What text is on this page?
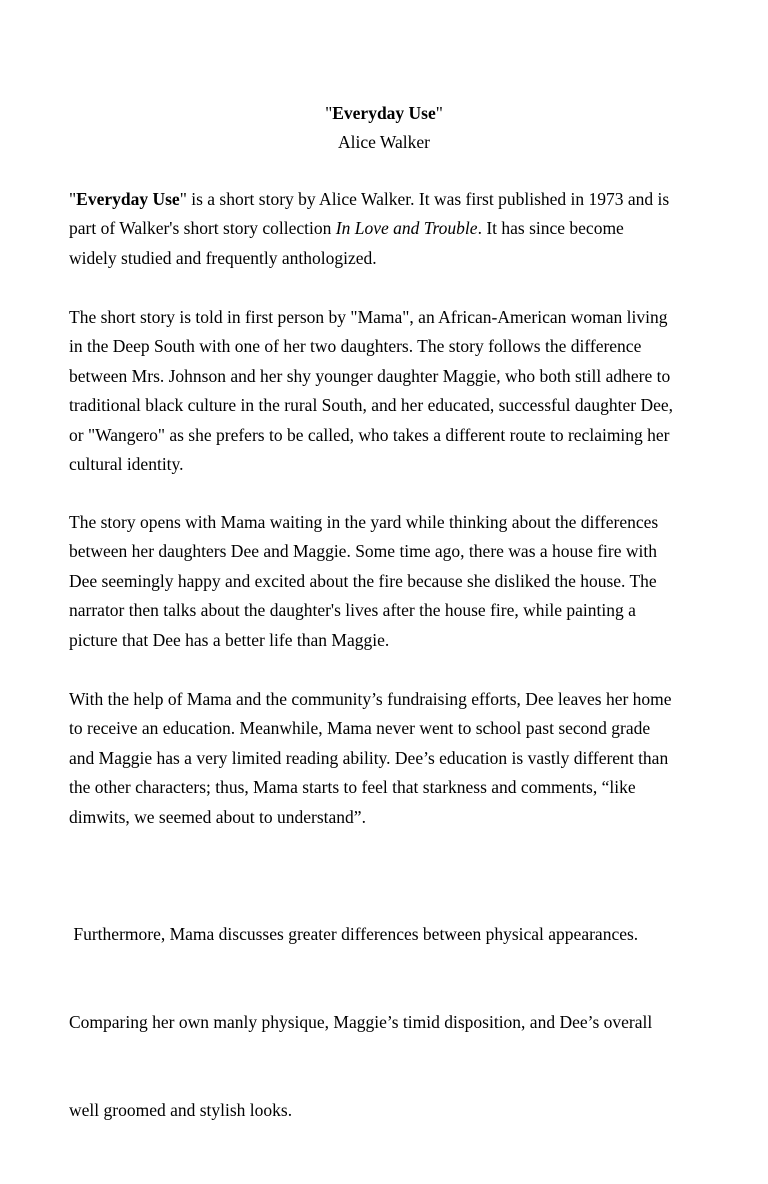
"Everyday Use"
Alice Walker

"Everyday Use" is a short story by Alice Walker. It was first published in 1973 and is
part of Walker's short story collection In Love and Trouble. It has since become
widely studied and frequently anthologized.

The short story is told in first person by "Mama", an African-American woman living
in the Deep South with one of her two daughters. The story follows the difference
between Mrs. Johnson and her shy younger daughter Maggie, who both still adhere to
traditional black culture in the rural South, and her educated, successful daughter Dee,
or "Wangero" as she prefers to be called, who takes a different route to reclaiming her
cultural identity.

The story opens with Mama waiting in the yard while thinking about the differences
between her daughters Dee and Maggie. Some time ago, there was a house fire with
Dee seemingly happy and excited about the fire because she disliked the house. The
narrator then talks about the daughter's lives after the house fire, while painting a
picture that Dee has a better life than Maggie.

With the help of Mama and the community’s fundraising efforts, Dee leaves her home
to receive an education. Meanwhile, Mama never went to school past second grade
and Maggie has a very limited reading ability. Dee’s education is vastly different than
the other characters; thus, Mama starts to feel that starkness and comments, “like
dimwits, we seemed about to understand”.

Furthermore, Mama discusses greater differences between physical appearances.

Comparing her own manly physique, Maggie’s timid disposition, and Dee’s overall

well groomed and stylish looks.
